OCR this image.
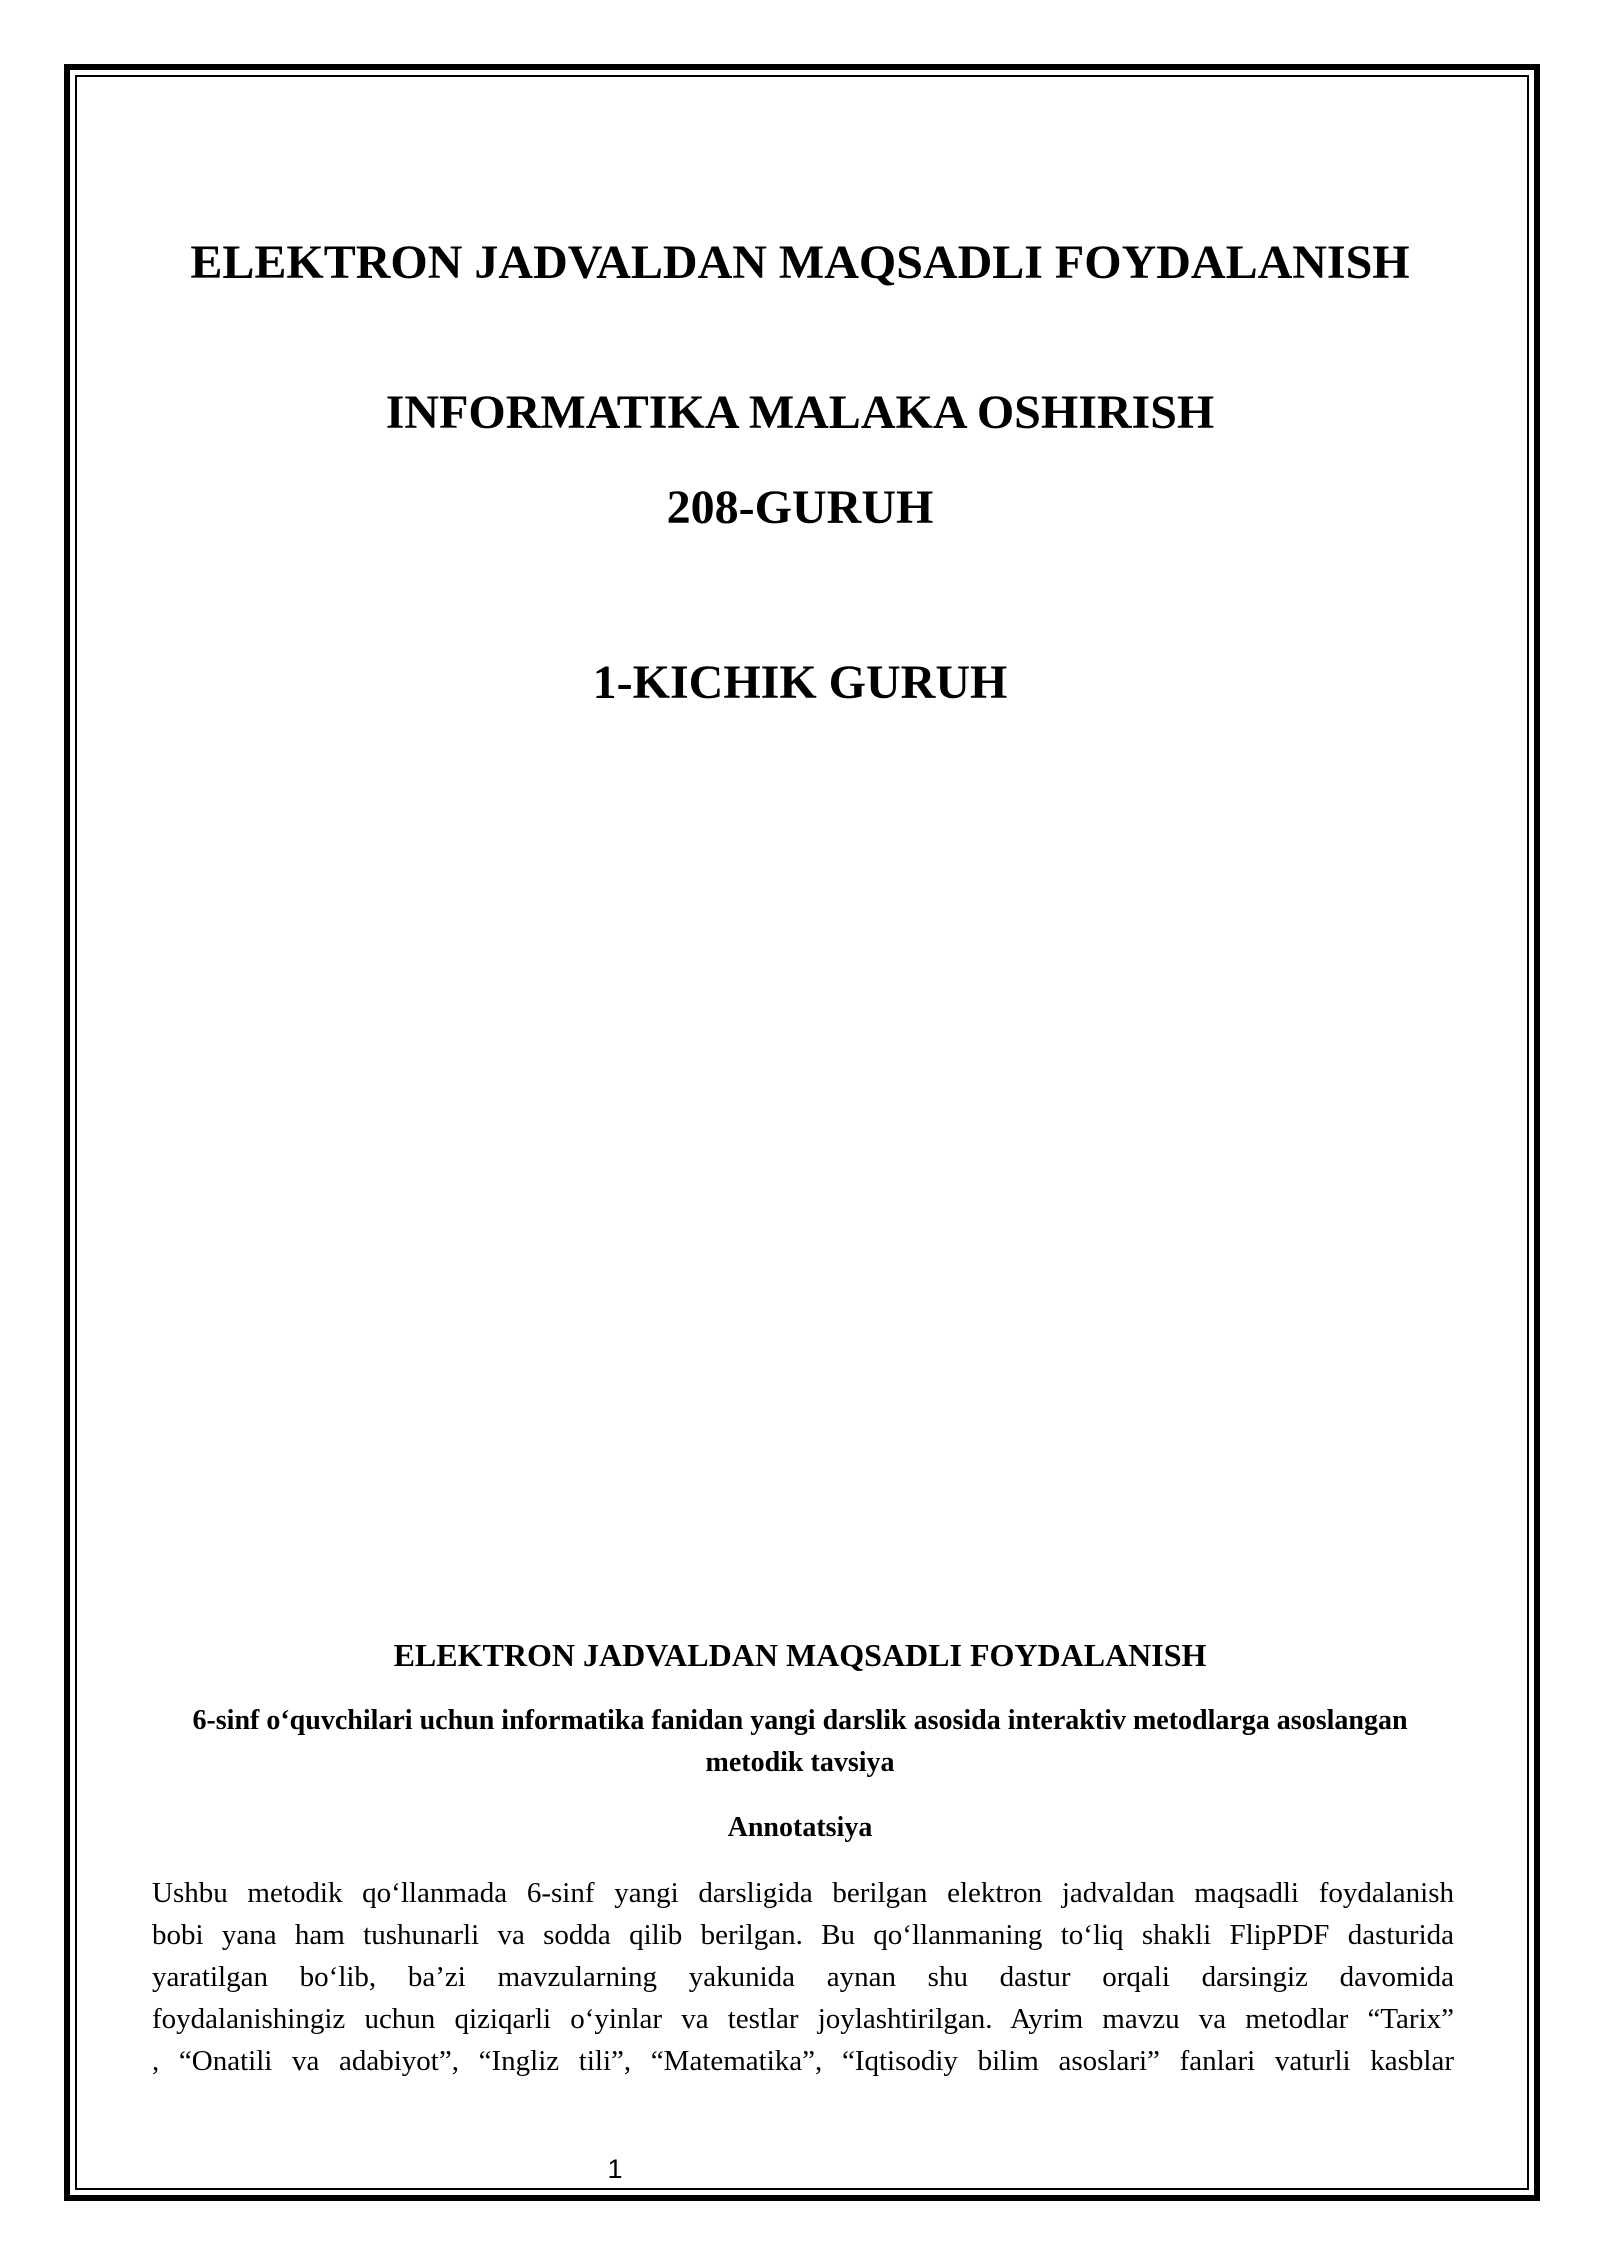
ELEKTRON JADVALDAN MAQSADLI FOYDALANISH
INFORMATIKA MALAKA OSHIRISH
208-GURUH
1-KICHIK GURUH
ELEKTRON JADVALDAN MAQSADLI FOYDALANISH
6-sinf o‘quvchilari uchun informatika fanidan yangi darslik asosida interaktiv metodlarga asoslangan metodik tavsiya
Annotatsiya
Ushbu metodik qo‘llanmada 6-sinf yangi darsligida berilgan elektron jadvaldan maqsadli foydalanish
bobi yana ham tushunarli va sodda qilib berilgan. Bu qo‘llanmaning to‘liq shakli FlipPDF dasturida
yaratilgan bo‘lib, ba’zi mavzularning yakunida aynan shu dastur orqali darsingiz davomida
foydalanishingiz uchun qiziqarli o‘yinlar va testlar joylashtirilgan. Ayrim mavzu va metodlar “Tarix”
, “Onatili va adabiyot”, “Ingliz tili”, “Matematika”, “Iqtisodiy bilim asoslari” fanlari vaturli kasblar
1
